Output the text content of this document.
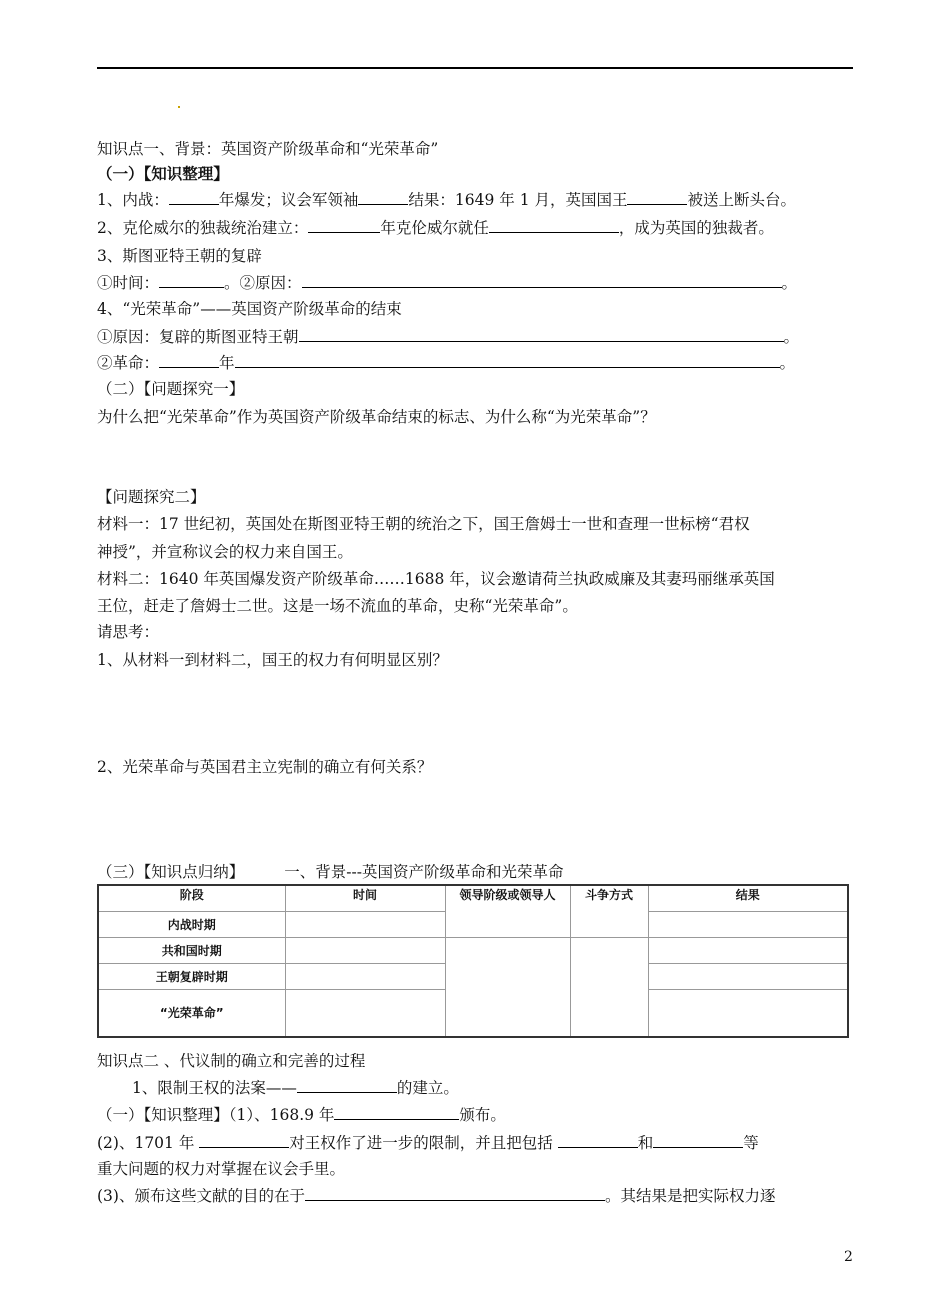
知识点一、背景：英国资产阶级革命和“光荣革命”
（一）【知识整理】
1、内战：	年爆发；议会军领袖	结果：1649 年 1 月，英国国王	被送上断头台。
2、克伦威尔的独裁统治建立：	年克伦威尔就任	，成为英国的独裁者。
3、斯图亚特王朝的复辟
①时间：	。②原因：	。
4、“光荣革命”——英国资产阶级革命的结束
①原因：复辟的斯图亚特王朝	。
②革命：	年	。
（二）【问题探究一】
为什么把“光荣革命”作为英国资产阶级革命结束的标志、为什么称“为光荣革命”？
【问题探究二】
材料一：17 世纪初，英国处在斯图亚特王朝的统治之下，国王詹姆士一世和查理一世标榜“君权
神授”，并宣称议会的权力来自国王。
材料二：1640 年英国爆发资产阶级革命……1688 年，议会邀请荷兰执政威廉及其妻玛丽继承英国
王位，赶走了詹姆士二世。这是一场不流血的革命，史称“光荣革命”。
请思考：
1、从材料一到材料二，国王的权力有何明显区别？
2、光荣革命与英国君主立宪制的确立有何关系？
（三）【知识点归纳】	一、背景---英国资产阶级革命和光荣革命
阶段	时间	领导阶级或领导人	斗争方式	结果
内战时期				
共和国时期				
王朝复辟时期				
“光荣革命”				
知识点二 、代议制的确立和完善的过程
1、限制王权的法案——	的建立。
（一）【知识整理】（1）、168.9 年	颁布。
(2)、1701 年	对王权作了进一步的限制，并且把包括	和	等
重大问题的权力对掌握在议会手里。
(3)、颁布这些文献的目的在于	。其结果是把实际权力逐
2
